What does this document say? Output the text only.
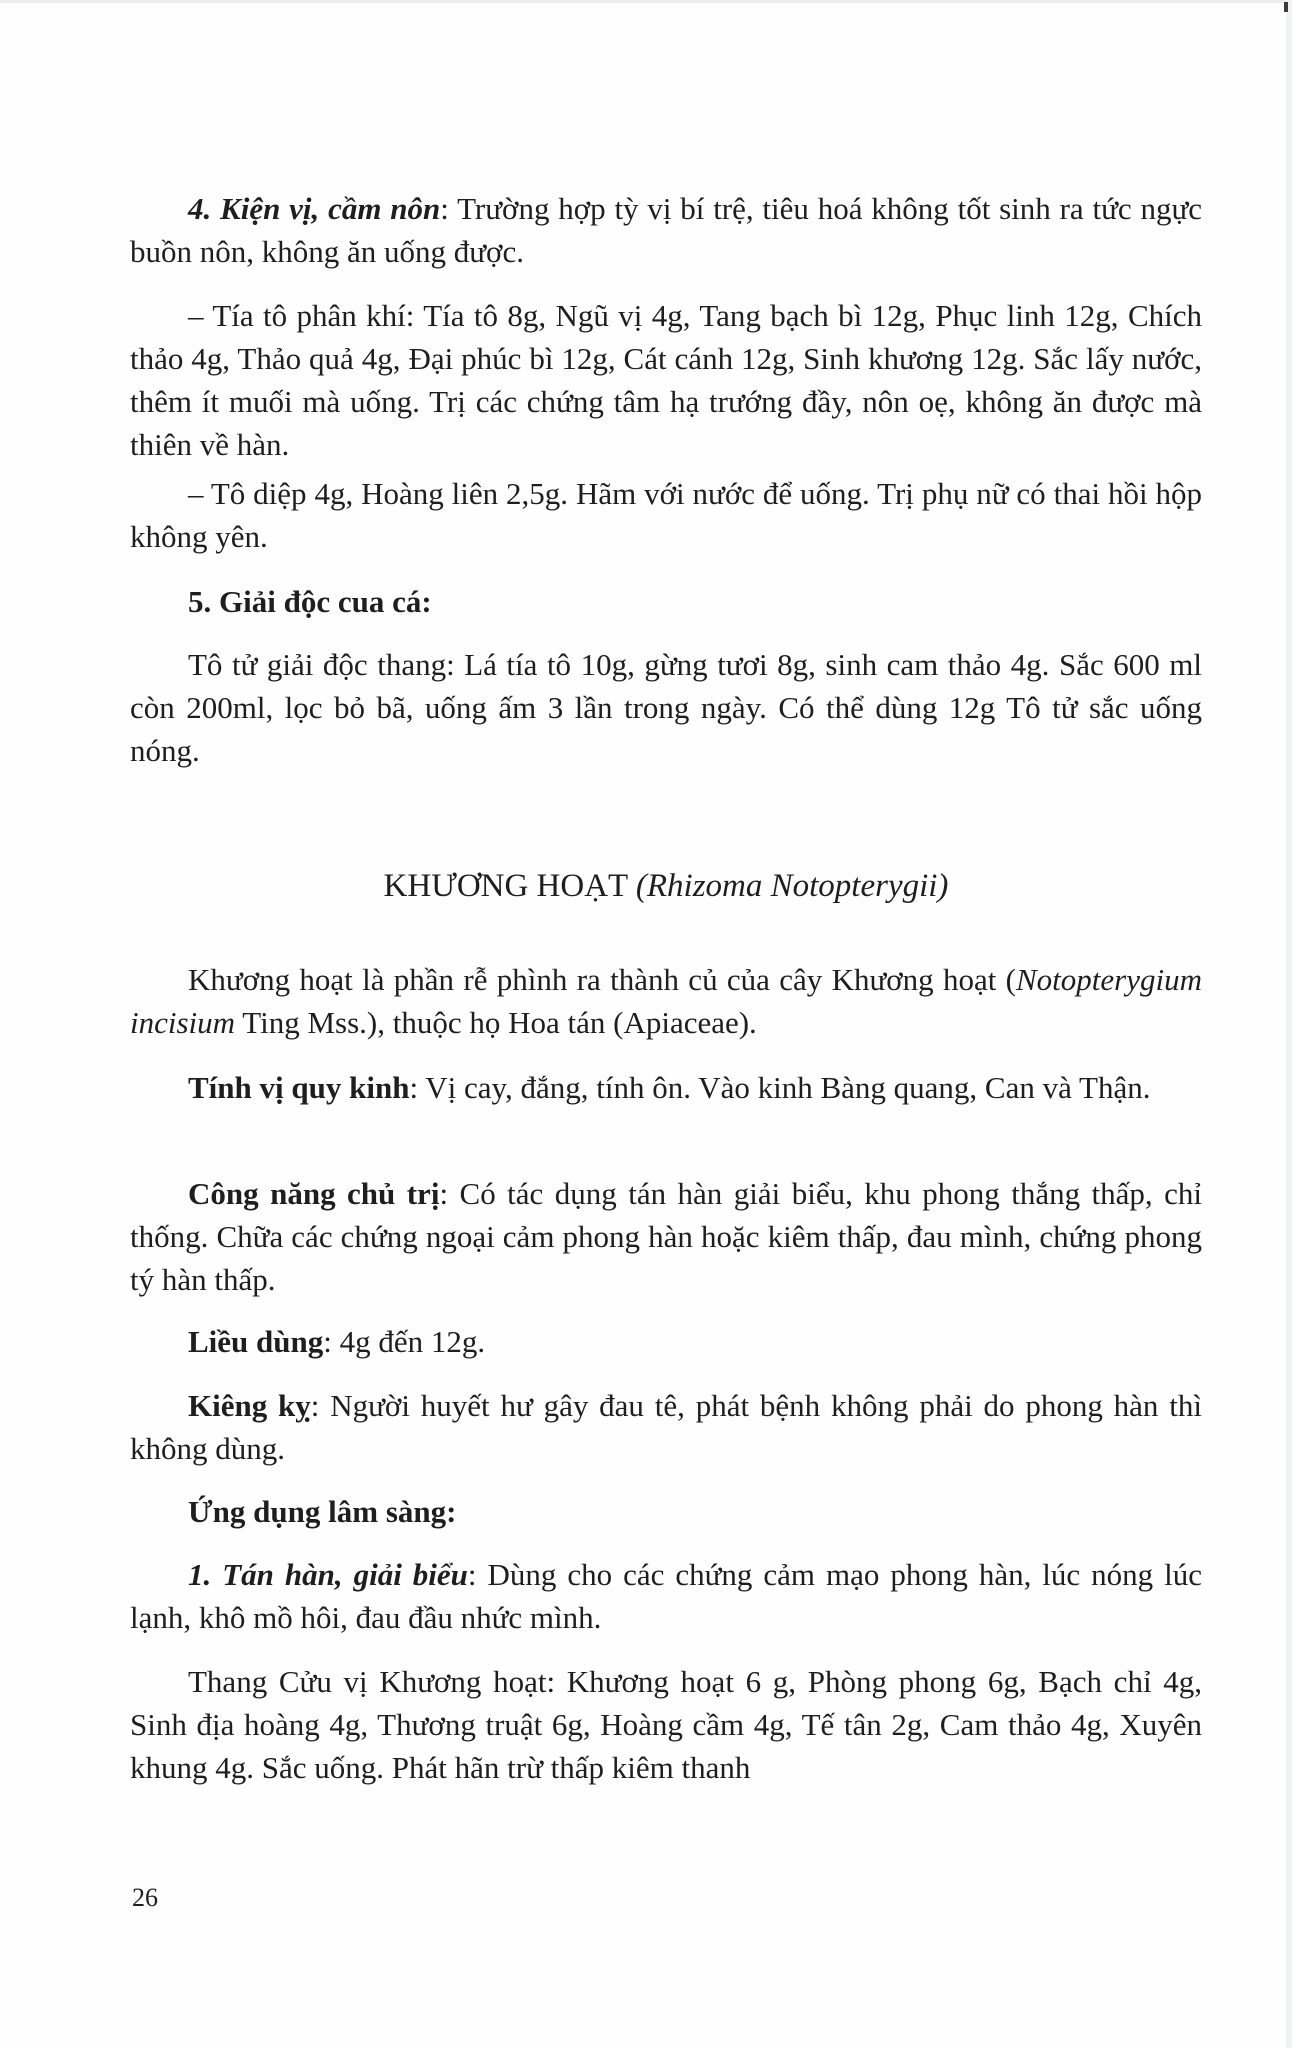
4. Kiện vị, cầm nôn: Trường hợp tỳ vị bí trệ, tiêu hoá không tốt sinh ra tức ngực buồn nôn, không ăn uống được.

– Tía tô phân khí: Tía tô 8g, Ngũ vị 4g, Tang bạch bì 12g, Phục linh 12g, Chích thảo 4g, Thảo quả 4g, Đại phúc bì 12g, Cát cánh 12g, Sinh khương 12g. Sắc lấy nước, thêm ít muối mà uống. Trị các chứng tâm hạ trướng đầy, nôn oẹ, không ăn được mà thiên về hàn.

– Tô diệp 4g, Hoàng liên 2,5g. Hãm với nước để uống. Trị phụ nữ có thai hồi hộp không yên.

5. Giải độc cua cá:

Tô tử giải độc thang: Lá tía tô 10g, gừng tươi 8g, sinh cam thảo 4g. Sắc 600 ml còn 200ml, lọc bỏ bã, uống ấm 3 lần trong ngày. Có thể dùng 12g Tô tử sắc uống nóng.

KHƯƠNG HOẠT (Rhizoma Notopterygii)

Khương hoạt là phần rễ phình ra thành củ của cây Khương hoạt (Notopterygium incisium Ting Mss.), thuộc họ Hoa tán (Apiaceae).

Tính vị quy kinh: Vị cay, đắng, tính ôn. Vào kinh Bàng quang, Can và Thận.

Công năng chủ trị: Có tác dụng tán hàn giải biểu, khu phong thắng thấp, chỉ thống. Chữa các chứng ngoại cảm phong hàn hoặc kiêm thấp, đau mình, chứng phong tý hàn thấp.

Liều dùng: 4g đến 12g.

Kiêng kỵ: Người huyết hư gây đau tê, phát bệnh không phải do phong hàn thì không dùng.

Ứng dụng lâm sàng:

1. Tán hàn, giải biểu: Dùng cho các chứng cảm mạo phong hàn, lúc nóng lúc lạnh, khô mồ hôi, đau đầu nhức mình.

Thang Cửu vị Khương hoạt: Khương hoạt 6 g, Phòng phong 6g, Bạch chỉ 4g, Sinh địa hoàng 4g, Thương truật 6g, Hoàng cầm 4g, Tế tân 2g, Cam thảo 4g, Xuyên khung 4g. Sắc uống. Phát hãn trừ thấp kiêm thanh

26
